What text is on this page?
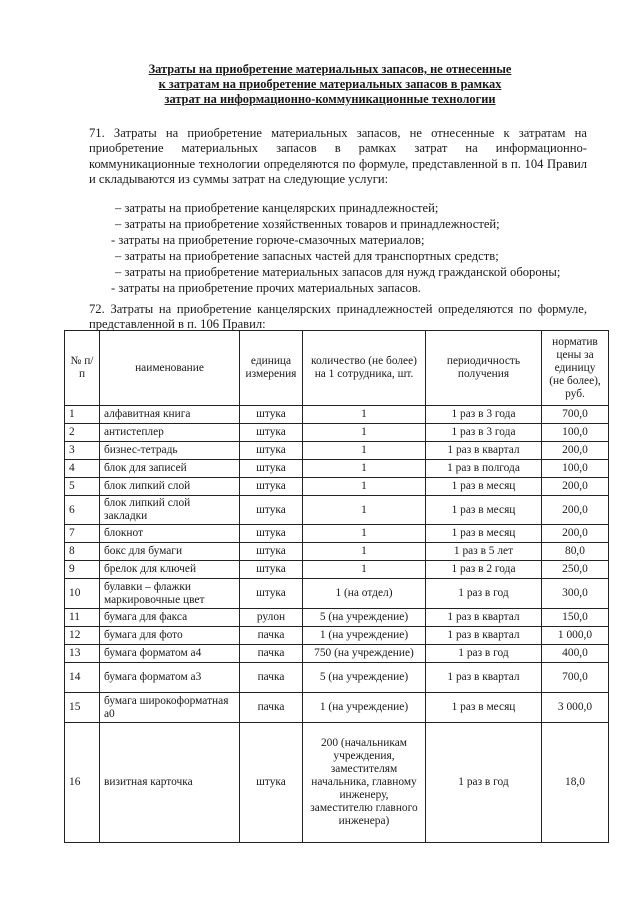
Затраты на приобретение материальных запасов, не отнесенные
к затратам на приобретение материальных запасов в рамках
затрат на информационно-коммуникационные технологии
71. Затраты на приобретение материальных запасов, не отнесенные к затратам на приобретение материальных запасов в рамках затрат на информационно-коммуникационные технологии определяются по формуле, представленной в п. 104 Правил и складываются из суммы затрат на следующие услуги:
– затраты на приобретение канцелярских принадлежностей;
– затраты на приобретение хозяйственных товаров и принадлежностей;
- затраты на приобретение горюче-смазочных материалов;
– затраты на приобретение запасных частей для транспортных средств;
– затраты на приобретение материальных запасов для нужд гражданской обороны;
- затраты на приобретение прочих материальных запасов.
72. Затраты на приобретение канцелярских принадлежностей определяются по формуле, представленной в п. 106 Правил:
№ п/п	наименование	единица измерения	количество (не более) на 1 сотрудника, шт.	периодичность получения	норматив цены за единицу (не более), руб.
1	алфавитная книга	штука	1	1 раз в 3 года	700,0
2	антистеплер	штука	1	1 раз в 3 года	100,0
3	бизнес-тетрадь	штука	1	1 раз в квартал	200,0
4	блок для записей	штука	1	1 раз в полгода	100,0
5	блок липкий слой	штука	1	1 раз в месяц	200,0
6	блок липкий слой закладки	штука	1	1 раз в месяц	200,0
7	блокнот	штука	1	1 раз в месяц	200,0
8	бокс для бумаги	штука	1	1 раз в 5 лет	80,0
9	брелок для ключей	штука	1	1 раз в 2 года	250,0
10	булавки – флажки маркировочные цвет	штука	1 (на отдел)	1 раз в год	300,0
11	бумага для факса	рулон	5 (на учреждение)	1 раз в квартал	150,0
12	бумага для фото	пачка	1 (на учреждение)	1 раз в квартал	1 000,0
13	бумага форматом а4	пачка	750 (на учреждение)	1 раз в год	400,0
14	бумага форматом а3	пачка	5 (на учреждение)	1 раз в квартал	700,0
15	бумага широкоформатная а0	пачка	1 (на учреждение)	1 раз в месяц	3 000,0
16	визитная карточка	штука	200 (начальникам учреждения, заместителям начальника, главному инженеру, заместителю главного инженера)	1 раз в год	18,0
